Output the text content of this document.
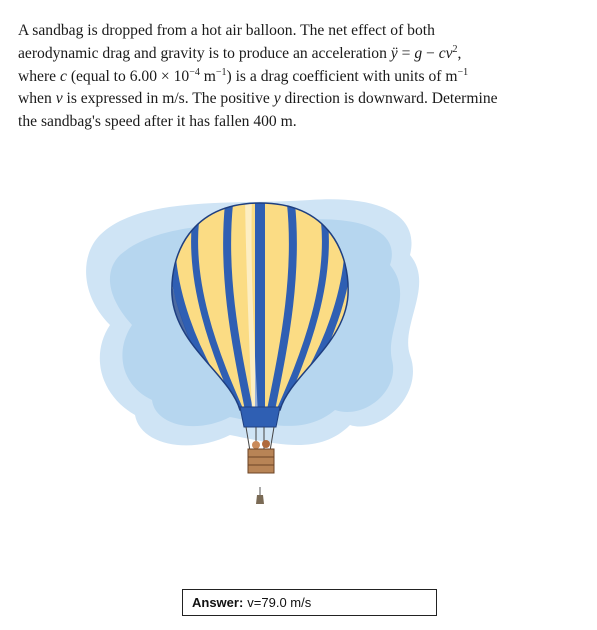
A sandbag is dropped from a hot air balloon. The net effect of both
aerodynamic drag and gravity is to produce an acceleration ÿ = $g - cv^2$,
where c (equal to $6.00 \times 10^{-4}$ $m^{-1}$) is a drag coefficient with units of $m^{-1}$
when v is expressed in m/s. The positive y direction is downward. Determine
the sandbag's speed after it has fallen 400 m.
Answer: v=79.0 m/s
